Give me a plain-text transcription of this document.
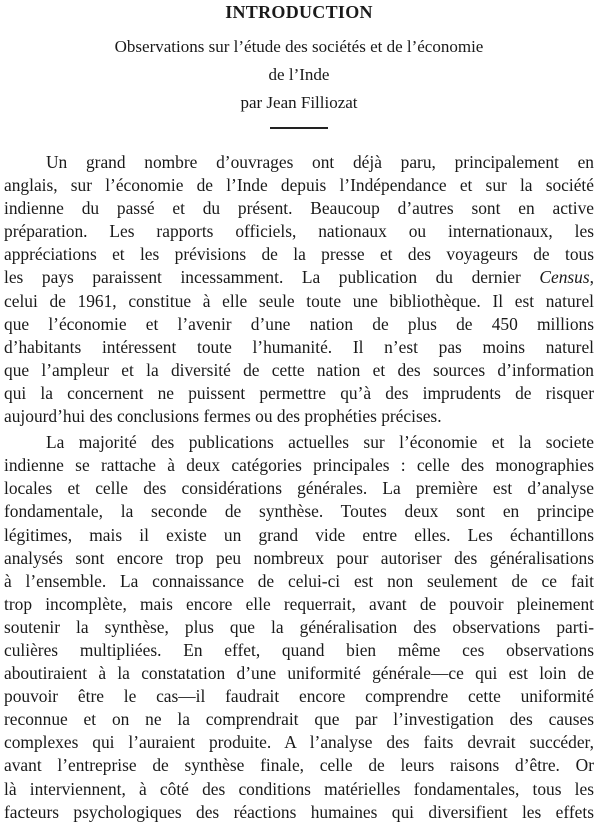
INTRODUCTION
Observations sur l’étude des sociétés et de l’économie
de l’Inde
par Jean Filliozat
Un grand nombre d’ouvrages ont déjà paru, principalement en
anglais, sur l’économie de l’Inde depuis l’Indépendance et sur la société
indienne du passé et du présent. Beaucoup d’autres sont en active
préparation. Les rapports officiels, nationaux ou internationaux, les
appréciations et les prévisions de la presse et des voyageurs de tous
les pays paraissent incessamment. La publication du dernier Census,
celui de 1961, constitue à elle seule toute une bibliothèque. Il est naturel
que l’économie et l’avenir d’une nation de plus de 450 millions
d’habitants intéressent toute l’humanité. Il n’est pas moins naturel
que l’ampleur et la diversité de cette nation et des sources d’information
qui la concernent ne puissent permettre qu’à des imprudents de risquer
aujourd’hui des conclusions fermes ou des prophéties précises.
La majorité des publications actuelles sur l’économie et la societe
indienne se rattache à deux catégories principales : celle des monographies
locales et celle des considérations générales. La première est d’analyse
fondamentale, la seconde de synthèse. Toutes deux sont en principe
légitimes, mais il existe un grand vide entre elles. Les échantillons
analysés sont encore trop peu nombreux pour autoriser des généralisations
à l’ensemble. La connaissance de celui-ci est non seulement de ce fait
trop incomplète, mais encore elle requerrait, avant de pouvoir pleinement
soutenir la synthèse, plus que la généralisation des observations parti-
culières multipliées. En effet, quand bien même ces observations
aboutiraient à la constatation d’une uniformité générale—ce qui est loin de
pouvoir être le cas—il faudrait encore comprendre cette uniformité
reconnue et on ne la comprendrait que par l’investigation des causes
complexes qui l’auraient produite. A l’analyse des faits devrait succéder,
avant l’entreprise de synthèse finale, celle de leurs raisons d’être. Or
là interviennent, à côté des conditions matérielles fondamentales, tous les
facteurs psychologiques des réactions humaines qui diversifient les effets
